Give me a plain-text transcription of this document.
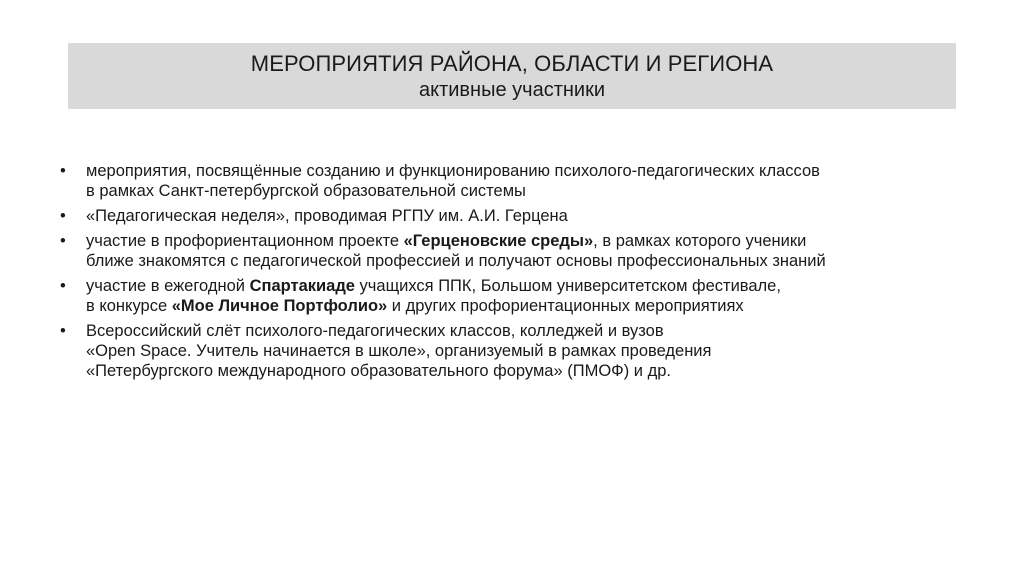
МЕРОПРИЯТИЯ РАЙОНА, ОБЛАСТИ И РЕГИОНА
активные участники
• мероприятия, посвящённые созданию и функционированию психолого-педагогических классов
в рамках Санкт-петербургской образовательной системы
• «Педагогическая неделя», проводимая РГПУ им. А.И. Герцена
• участие в профориентационном проекте «Герценовские среды», в рамках которого ученики
ближе знакомятся с педагогической профессией и получают основы профессиональных знаний
• участие в ежегодной Спартакиаде учащихся ППК, Большом университетском фестивале,
в конкурсе «Мое Личное Портфолио» и других профориентационных мероприятиях
• Всероссийский слёт психолого-педагогических классов, колледжей и вузов
«Open Space. Учитель начинается в школе», организуемый в рамках проведения
«Петербургского международного образовательного форума» (ПМОФ) и др.
